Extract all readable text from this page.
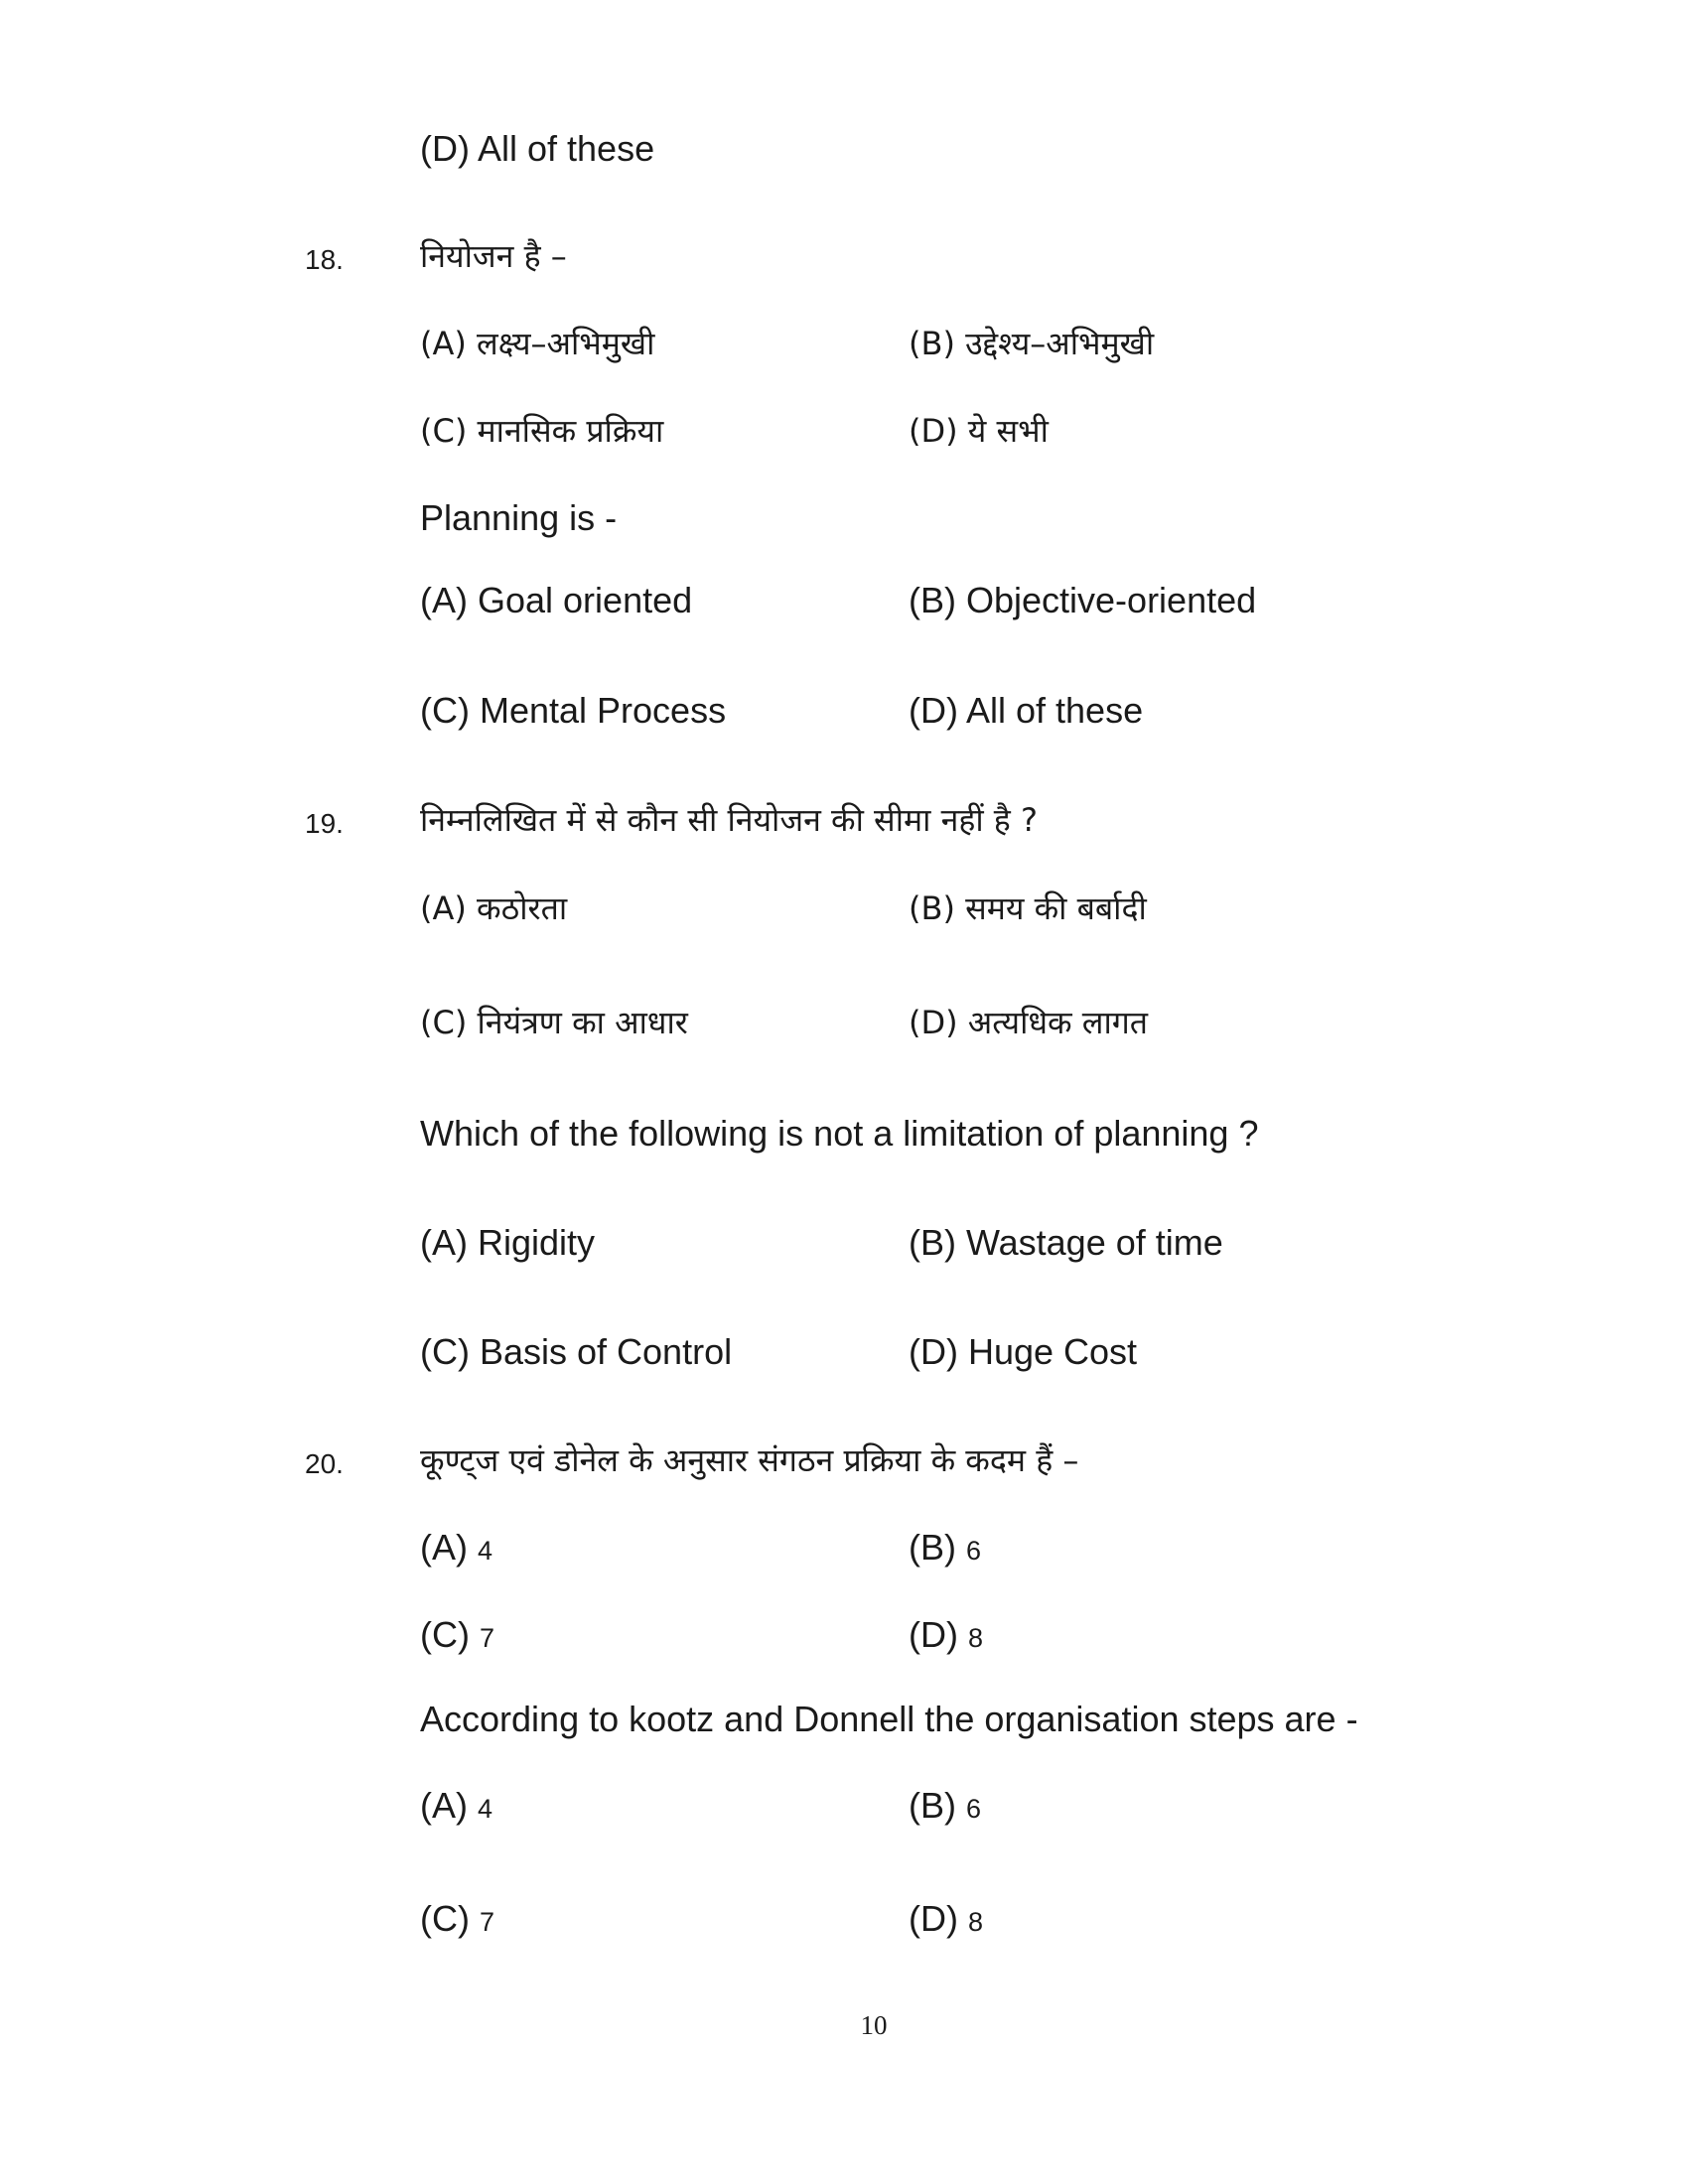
(D) All of these
18. नियोजन है –
(A) लक्ष्य–अभिमुखी	(B) उद्देश्य–अभिमुखी
(C) मानसिक प्रक्रिया	(D) ये सभी
Planning is -
(A) Goal oriented	(B) Objective-oriented
(C) Mental Process	(D) All of these
19. निम्नलिखित में से कौन सी नियोजन की सीमा नहीं है ?
(A) कठोरता	(B) समय की बर्बादी
(C) नियंत्रण का आधार	(D) अत्यधिक लागत
Which of the following is not a limitation of planning ?
(A) Rigidity	(B) Wastage of time
(C) Basis of Control	(D) Huge Cost
20. कूण्ट्ज एवं डोनेल के अनुसार संगठन प्रक्रिया के कदम हैं –
(A) 4	(B) 6
(C) 7	(D) 8
According to kootz and Donnell the organisation steps are -
(A) 4	(B) 6
(C) 7	(D) 8
10
